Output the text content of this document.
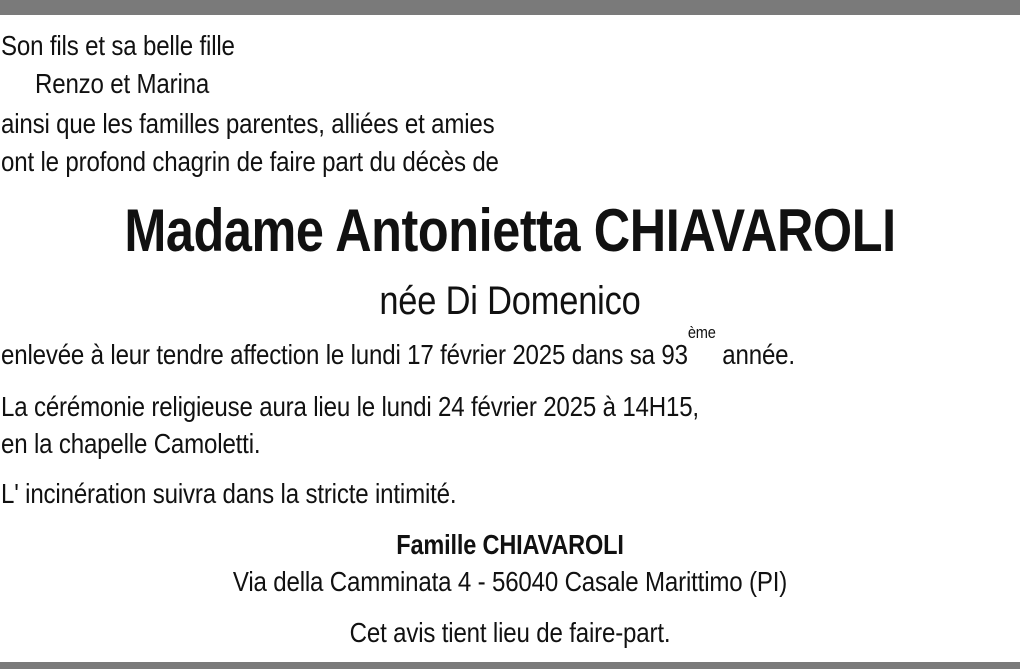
Son fils et sa belle fille
Renzo et Marina
ainsi que les familles parentes, alliées et amies
ont le profond chagrin de faire part du décès de
Madame Antonietta CHIAVAROLI
née Di Domenico
enlevée à leur tendre affection le lundi 17 février 2025 dans sa 93ème année.
La cérémonie religieuse aura lieu le lundi 24 février 2025 à 14H15,
en la chapelle Camoletti.
L' incinération suivra dans la stricte intimité.
Famille CHIAVAROLI
Via della Camminata 4 - 56040 Casale Marittimo (PI)
Cet avis tient lieu de faire-part.
